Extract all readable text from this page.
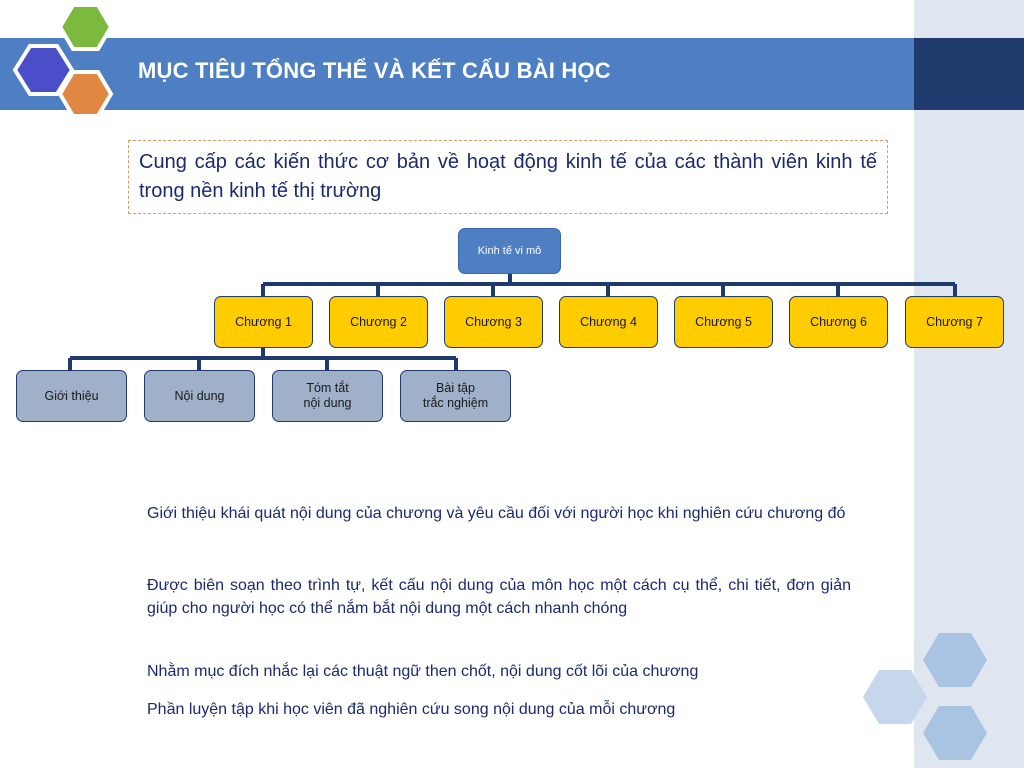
MỤC TIÊU TỔNG THỂ VÀ KẾT CẤU BÀI HỌC
Cung cấp các kiến thức cơ bản về hoạt động kinh tế của các thành viên kinh tế trong nền kinh tế thị trường
Kinh tế vi mô
Chương 1	Chương 2	Chương 3	Chương 4	Chương 5	Chương 6	Chương 7
Giới thiệu	Nội dung
Tóm tắt
nội dung
Bài tập
trắc nghiệm
Giới thiệu khái quát nội dung của chương và yêu cầu đối với người học khi nghiên cứu chương đó
Được biên soạn theo trình tự, kết cấu nội dung của môn học một cách cụ thể, chi tiết, đơn giản giúp cho người học có thể nắm bắt nội dung một cách nhanh chóng
Nhằm mục đích nhắc lại các thuật ngữ then chốt, nội dung cốt lõi của chương
Phần luyện tập khi học viên đã nghiên cứu song nội dung của mỗi chương
